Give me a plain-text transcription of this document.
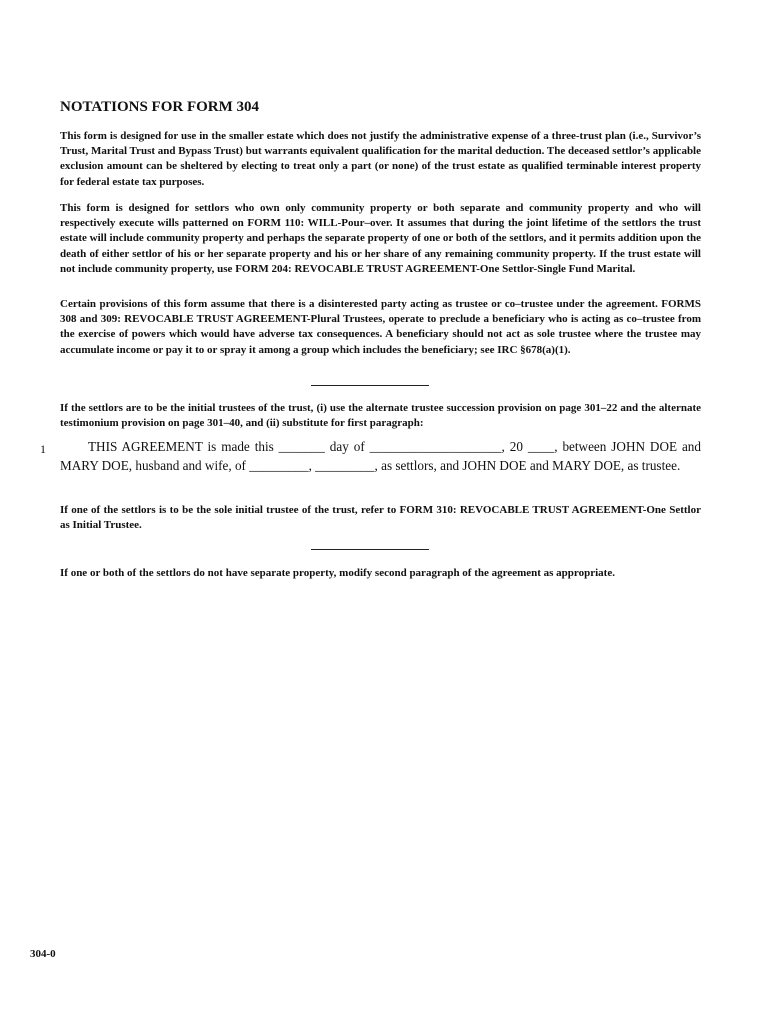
NOTATIONS FOR FORM 304

This form is designed for use in the smaller estate which does not justify the administrative expense of a three-trust plan (i.e., Survivor’s Trust, Marital Trust and Bypass Trust) but warrants equivalent qualification for the marital deduction. The deceased settlor’s applicable exclusion amount can be sheltered by electing to treat only a part (or none) of the trust estate as qualified terminable interest property for federal estate tax purposes.

This form is designed for settlors who own only community property or both separate and community property and who will respectively execute wills patterned on FORM 110: WILL-Pour–over. It assumes that during the joint lifetime of the settlors the trust estate will include community property and perhaps the separate property of one or both of the settlors, and it permits addition upon the death of either settlor of his or her separate property and his or her share of any remaining community property. If the trust estate will not include community property, use FORM 204: REVOCABLE TRUST AGREEMENT-One Settlor-Single Fund Marital.

Certain provisions of this form assume that there is a disinterested party acting as trustee or co–trustee under the agreement. FORMS 308 and 309: REVOCABLE TRUST AGREEMENT-Plural Trustees, operate to preclude a beneficiary who is acting as co–trustee from the exercise of powers which would have adverse tax consequences. A beneficiary should not act as sole trustee where the trustee may accumulate income or pay it to or spray it among a group which includes the beneficiary; see IRC §678(a)(1).

If the settlors are to be the initial trustees of the trust, (i) use the alternate trustee succession provision on page 301–22 and the alternate testimonium provision on page 301–40, and (ii) substitute for first paragraph:

1	THIS AGREEMENT is made this _______ day of ____________________, 20 ____, between JOHN DOE and MARY DOE, husband and wife, of _________, _________, as settlors, and JOHN DOE and MARY DOE, as trustee.

If one of the settlors is to be the sole initial trustee of the trust, refer to FORM 310: REVOCABLE TRUST AGREEMENT-One Settlor as Initial Trustee.

If one or both of the settlors do not have separate property, modify second paragraph of the agreement as appropriate.

304-0
